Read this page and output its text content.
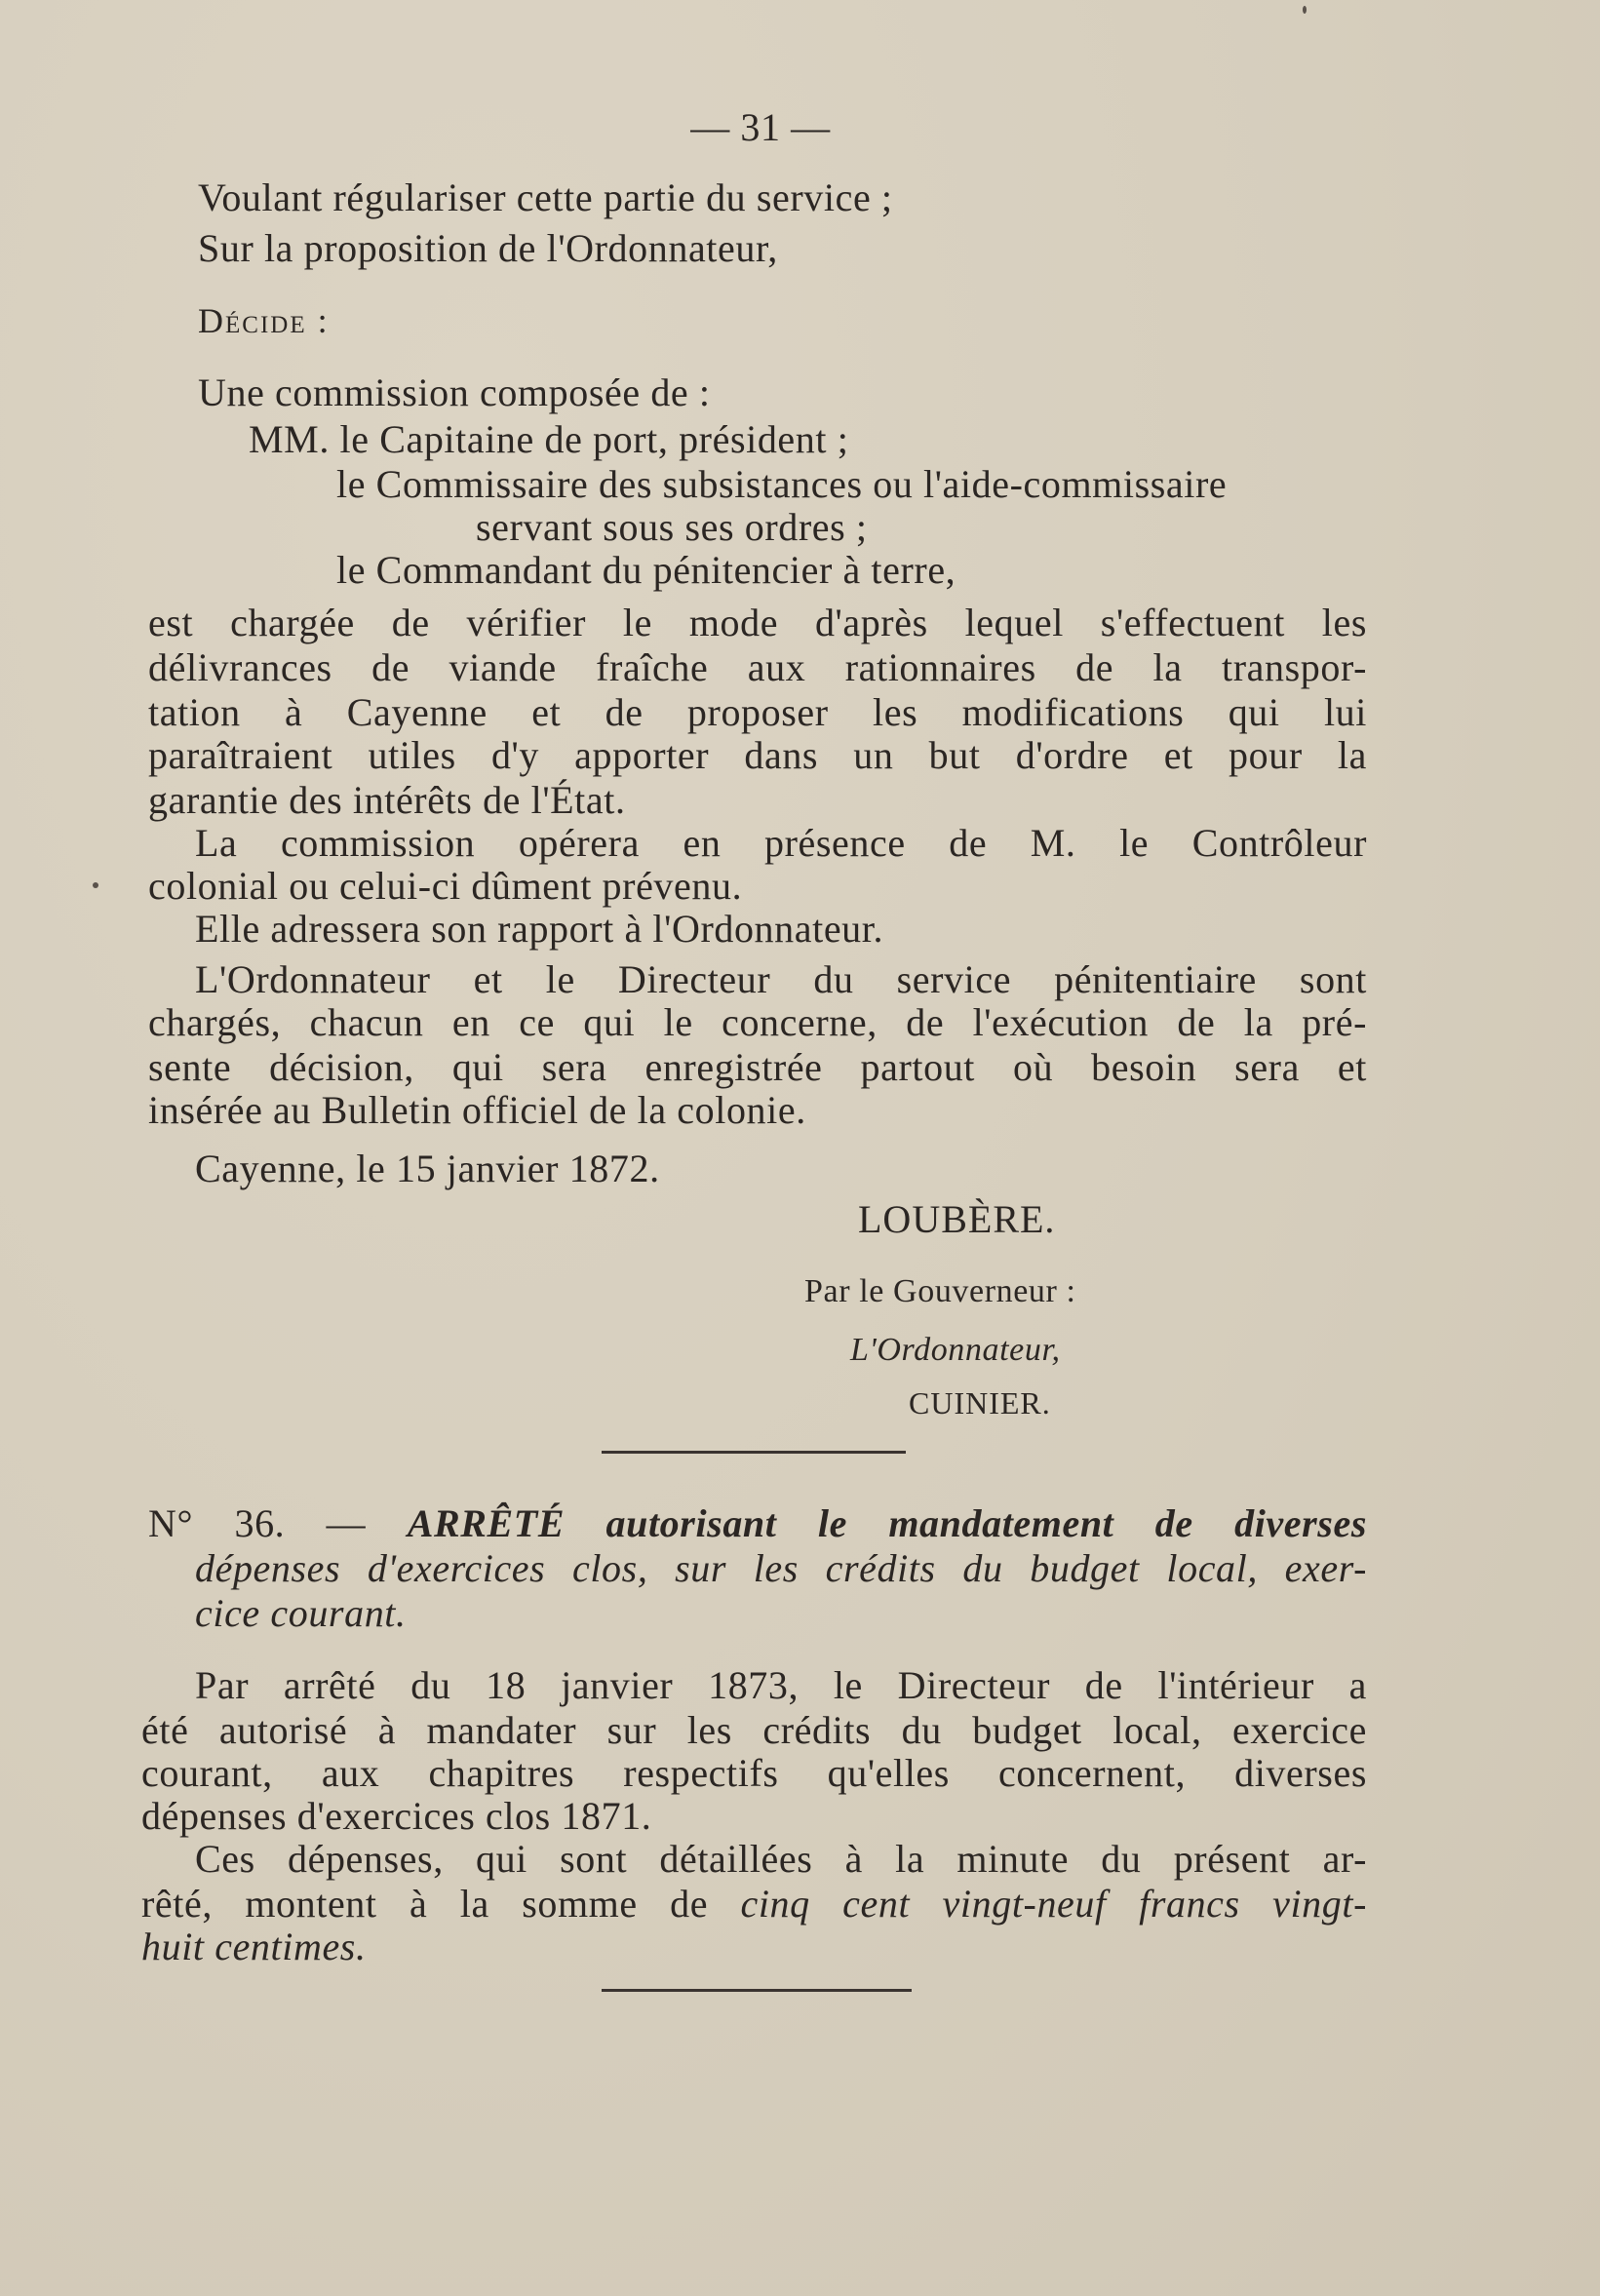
— 31 —
Voulant régulariser cette partie du service ;
Sur la proposition de l'Ordonnateur,
Décide :
Une commission composée de :
MM. le Capitaine de port, président ;
le Commissaire des subsistances ou l'aide-commissaire
servant sous ses ordres ;
le Commandant du pénitencier à terre,
est chargée de vérifier le mode d'après lequel s'effectuent les
délivrances de viande fraîche aux rationnaires de la transpor-
tation à Cayenne et de proposer les modifications qui lui
paraîtraient utiles d'y apporter dans un but d'ordre et pour la
garantie des intérêts de l'État.
La commission opérera en présence de M. le Contrôleur
colonial ou celui-ci dûment prévenu.
Elle adressera son rapport à l'Ordonnateur.
L'Ordonnateur et le Directeur du service pénitentiaire sont
chargés, chacun en ce qui le concerne, de l'exécution de la pré-
sente décision, qui sera enregistrée partout où besoin sera et
insérée au Bulletin officiel de la colonie.
Cayenne, le 15 janvier 1872.
LOUBÈRE.
Par le Gouverneur :
L'Ordonnateur,
CUINIER.
N° 36. — ARRÊTÉ autorisant le mandatement de diverses
dépenses d'exercices clos, sur les crédits du budget local, exer-
cice courant.
Par arrêté du 18 janvier 1873, le Directeur de l'intérieur a
été autorisé à mandater sur les crédits du budget local, exercice
courant, aux chapitres respectifs qu'elles concernent, diverses
dépenses d'exercices clos 1871.
Ces dépenses, qui sont détaillées à la minute du présent ar-
rêté, montent à la somme de cinq cent vingt-neuf francs vingt-
huit centimes.
